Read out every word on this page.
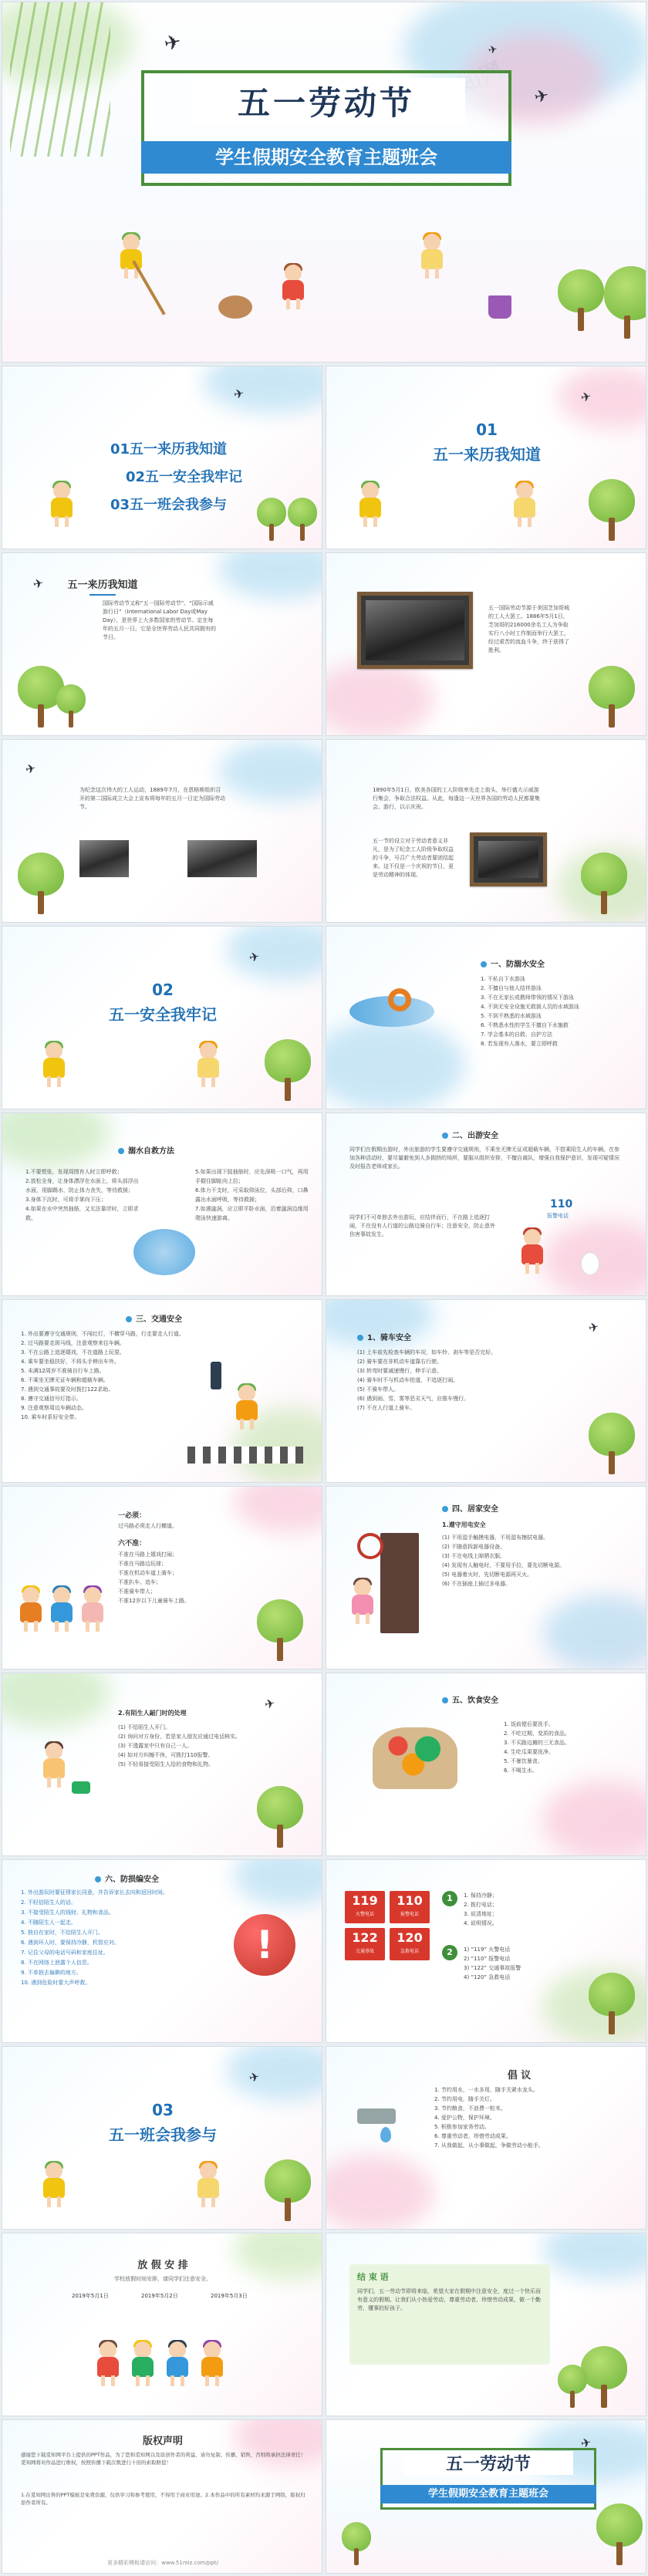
✈
✈
✈
五一劳动节
学生假期安全教育主题班会
✈
01五一来历我知道
02五一安全我牢记
03五一班会我参与
✈
01
五一来历我知道
✈	五一来历我知道
国际劳动节又称“五一国际劳动节”、“国际示威游行日”（International Labor Day或May Day），是世界上大多数国家的劳动节。定在每年的五月一日。它是全世界劳动人民共同拥有的节日。
五一国际劳动节源于美国芝加哥城的工人大罢工。1886年5月1日，芝加哥的216000余名工人为争取实行八小时工作制而举行大罢工，经过艰苦的流血斗争，终于获得了胜利。
✈
为纪念这次伟大的工人运动，1889年7月，在恩格斯组织召开的第二国际成立大会上宣布将每年的五月一日定为国际劳动节。
1890年5月1日，欧美各国的工人阶级率先走上街头，举行盛大示威游行集会，争取合法权益。从此，每逢这一天世界各国的劳动人民都要集会、游行，以示庆祝。
五一节的设立对于劳动者意义非凡，是为了纪念工人阶级争取权益的斗争，号召广大劳动者要团结起来。这不仅是一个庆祝的节日，更是劳动精神的体现。
✈
02
五一安全我牢记
一、防溺水安全
1. 不私自下水游泳
2. 不擅自与他人结伴游泳
3. 不在无家长或教师带领的情况下游泳
4. 不到无安全设施无救援人员的水域游泳
5. 不到不熟悉的水域游泳
6. 不熟悉水性的学生不擅自下水施救
7. 学会基本的自救、自护方法
8. 若发现有人落水，要立即呼救
溺水自救方法
1.不要慌张，发现周围有人时立即呼救；
2.放松全身，让身体漂浮在水面上，将头部浮出水面，用脚踢水，防止体力丧失，等待救援；
3.身体下沉时，可将手掌向下压；
4.如果在水中突然抽筋，又无法靠岸时，立即求救。
5.如果出现下肢抽筋时，应先深吸一口气，再用手握住脚趾向上拉；
6.体力不支时，可采取仰泳位，头部后仰，口鼻露出水面呼吸，等待救援；
7.如遇漩涡，应立即平卧水面，沿着漩涡边缘用爬泳快速游离。
二、出游安全
同学们在假期出游时，外出旅游的学生要遵守交通规则，不乘坐无牌无证或超载车辆，不搭乘陌生人的车辆。在参加各种活动时，要尽量避免到人多拥挤的场所，要服从组织安排，不擅自离队，增强自我保护意识，发现可疑情况及时报告老师或家长。
同学们不可单独去外出游玩，应结伴而行，不在路上追逐打闹，不在没有人行道的公路边骑自行车；注意安全，防止意外伤害事故发生。
110
报警电话
三、交通安全
1. 外出要遵守交通规则，不闯红灯，不横穿马路，行走要走人行道。
2. 过马路要走斑马线，注意观察来往车辆。
3. 不在公路上追逐嬉戏，不在道路上玩耍。
4. 乘车要坐稳扶好，不将头手伸出车外。
5. 未满12周岁不准骑自行车上路。
6. 不乘坐无牌无证车辆和超载车辆。
7. 遇到交通事故要及时拨打122求助。
8. 遵守交通信号灯指示。
9. 注意观察周边车辆动态。
10. 乘车时系好安全带。
✈
1、骑车安全
(1) 上车前先检查车辆的车况，如车铃、刹车等是否完好。
(2) 骑车要在非机动车道靠右行驶。
(3) 转弯时要减速慢行，伸手示意。
(4) 骑车时不与机动车抢道，不追逐打闹。
(5) 不骑车带人。
(6) 遇到雨、雪、雾等恶劣天气，应推车慢行。
(7) 不在人行道上骑车。
一必须：
过马路必须走人行横道。
六不准：
不准在马路上嬉戏打闹；
不准在马路边玩球；
不准在机动车道上骑车；
不准扒车、追车；
不准骑车带人；
不准12岁以下儿童骑车上路。
四、居家安全
1.遵守用电安全
(1) 不用湿手触摸电器，不用湿布擦拭电器。
(2) 不随意拆卸电器设备。
(3) 不在电线上晾晒衣服。
(4) 发现有人触电时，不要用手拉，要先切断电源。
(5) 电器着火时，先切断电源再灭火。
(6) 不在插座上插过多电器。
✈
2.有陌生人敲门时的处理
(1) 不给陌生人开门。
(2) 询问对方身份，若是家人朋友应通过电话核实。
(3) 不透露家中只有自己一人。
(4) 如对方纠缠不休，可拨打110报警。
(5) 不轻易接受陌生人给的食物和礼物。
五、饮食安全
1. 饭前便后要洗手。
2. 不吃过期、变质的食品。
3. 不买路边摊的三无食品。
4. 生吃瓜果要洗净。
5. 不暴饮暴食。
6. 不喝生水。
六、防损编安全
1. 外出游玩时要征得家长同意，并告诉家长去向和返回时间。
2. 不轻信陌生人的话。
3. 不接受陌生人的钱财、礼物和食品。
4. 不随陌生人一起走。
5. 独自在家时，不给陌生人开门。
6. 遇到坏人时，要保持冷静，机智应对。
7. 记住父母的电话号码和家庭住址。
8. 不在网络上泄露个人信息。
9. 不单独去偏僻的地方。
10. 遇到危险时要大声呼救。
!
119
火警电话
110
报警电话
122
交通事故
120
急救电话
1	1. 保持冷静；
2. 拨打电话；
3. 说清地址；
4. 说明情况。
2	1) “119” 火警电话
2) “110” 报警电话
3) “122” 交通事故报警
4) “120” 急救电话
✈
03
五一班会我参与
倡 议
1. 节约用水，一水多用，随手关紧水龙头。
2. 节约用电，随手关灯。
3. 节约粮食，不浪费一粒米。
4. 爱护公物，保护环境。
5. 积极参加家务劳动。
6. 尊重劳动者，珍惜劳动成果。
7. 从我做起，从小事做起，争做劳动小能手。
放 假 安 排
学校放假时间安排，请同学们注意安全。
2019年5月1日	2019年5月2日	2019年5月3日
结 束 语
同学们，五一劳动节即将来临，希望大家在假期中注意安全，度过一个快乐而有意义的假期。让我们从小热爱劳动，尊重劳动者，珍惜劳动成果，做一个勤劳、懂事的好孩子。
版权声明
感谢您下载觅知网平台上提供的PPT作品，为了您和觅知网以及原创作者的利益，请勿复制、传播、销售，否则将承担法律责任！觅知网将对作品进行维权，按照传播下载次数进行十倍的索取赔偿！
1.在觅知网出售的PPT模板是免费资源，仅供学习和参考使用，不得用于商业用途。2.本作品中的所有素材均来源于网络，版权归原作者所有。
更多精彩模板请访问：www.51miz.com/ppt/
✈
五一劳动节
学生假期安全教育主题班会
